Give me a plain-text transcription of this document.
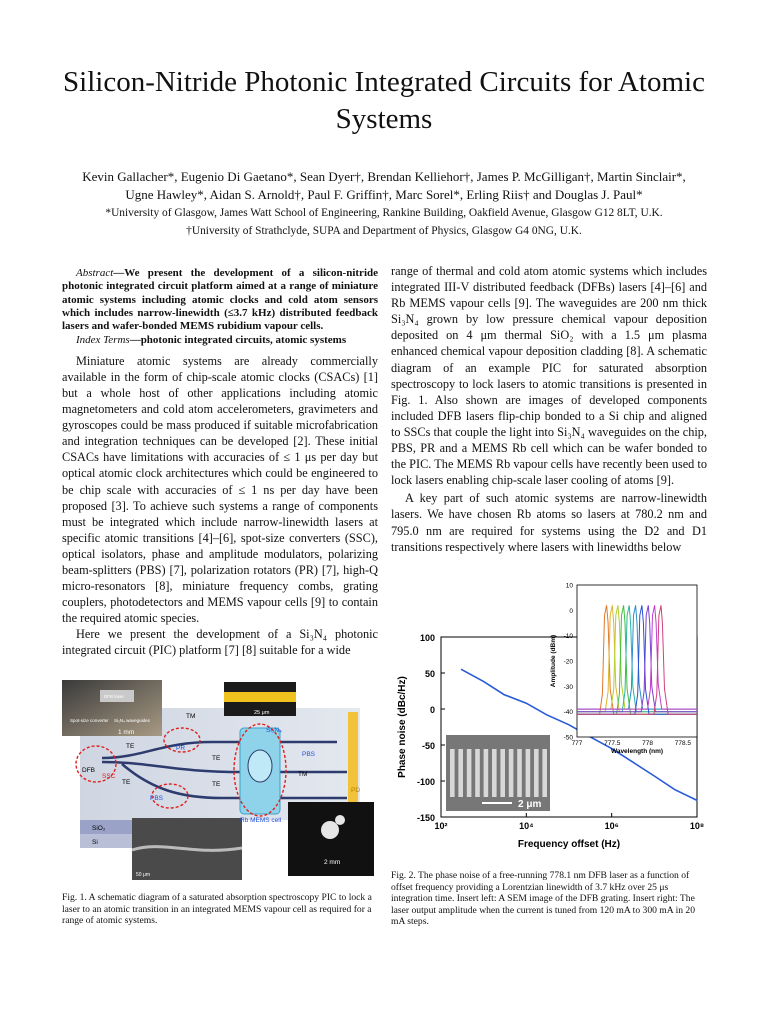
Silicon-Nitride Photonic Integrated Circuits for Atomic Systems
Kevin Gallacher*, Eugenio Di Gaetano*, Sean Dyer†, Brendan Kelliehor†, James P. McGilligan†, Martin Sinclair*,
Ugne Hawley*, Aidan S. Arnold†, Paul F. Griffin†, Marc Sorel*, Erling Riis† and Douglas J. Paul*
*University of Glasgow, James Watt School of Engineering, Rankine Building, Oakfield Avenue, Glasgow G12 8LT, U.K.
†University of Strathclyde, SUPA and Department of Physics, Glasgow G4 0NG, U.K.
Abstract—We present the development of a silicon-nitride photonic integrated circuit platform aimed at a range of miniature atomic systems including atomic clocks and cold atom sensors which includes narrow-linewidth (≤3.7 kHz) distributed feedback lasers and wafer-bonded MEMS rubidium vapour cells.
Index Terms—photonic integrated circuits, atomic systems

Miniature atomic systems are already commercially available in the form of chip-scale atomic clocks (CSACs) [1] but a whole host of other applications including atomic magnetometers and cold atom accelerometers, gravimeters and gyroscopes could be mass produced if suitable microfabrication and integration techniques can be developed [2]. These initial CSACs have limitations with accuracies of ≤ 1 μs per day but optical atomic clock architectures which could be engineered to be chip scale with accuracies of ≤ 1 ns per day have been proposed [3]. To achieve such systems a range of components must be integrated which include narrow-linewidth lasers at specific atomic transitions [4]–[6], spot-size converters (SSC), optical isolators, phase and amplitude modulators, polarizing beam-splitters (PBS) [7], polarization rotators (PR) [7], high-Q micro-resonators [8], miniature frequency combs, grating couplers, photodetectors and MEMS vapour cells [9] to contain the required atomic species.

Here we present the development of a Si₃N₄ photonic integrated circuit (PIC) platform [7] [8] suitable for a wide

range of thermal and cold atom atomic systems which includes integrated III-V distributed feedback (DFBs) lasers [4]–[6] and Rb MEMS vapour cells [9]. The waveguides are 200 nm thick Si₃N₄ grown by low pressure chemical vapour deposition deposited on 4 μm thermal SiO₂ with a 1.5 μm plasma enhanced chemical vapour deposition cladding [8]. A schematic diagram of an example PIC for saturated absorption spectroscopy to lock lasers to atomic transitions is presented in Fig. 1. Also shown are images of developed components included DFB lasers flip-chip bonded to a Si chip and aligned to SSCs that couple the light into Si₃N₄ waveguides on the chip, PBS, PR and a MEMS Rb cell which can be wafer bonded to the PIC. The MEMS Rb vapour cells have recently been used to lock lasers enabling chip-scale laser cooling of atoms [9].

A key part of such atomic systems are narrow-linewidth lasers. We have chosen Rb atoms so lasers at 780.2 nm and 795.0 nm are required for systems using the D2 and D1 transitions respectively where lasers with linewidths below

TM
TM
TE
TE
TE	TE
PR
PBS
PBS
DFB
SSC
PD
Si₃N₄
Rb MEMS cell
SiO₂
Si
1 mm
25 μm
50 μm
2 mm
DFB laser
Spot-size converter Si₃N₄ waveguides
Fig. 1. A schematic diagram of a saturated absorption spectroscopy PIC to lock a laser to an atomic transition in an integrated MEMS vapour cell as required for a range of atomic systems.
100
50
0
-50
-100
-150
10²	10⁴	10⁶	10⁸
Frequency offset (Hz)
Phase noise (dBc/Hz)
2 μm
10
0
-10
-20
-30
-40
-50
777	777.5	778	778.5
Wavelength (nm)
Amplitude (dBm)
Fig. 2. The phase noise of a free-running 778.1 nm DFB laser as a function of offset frequency providing a Lorentzian linewidth of 3.7 kHz over 25 μs integration time. Insert left: A SEM image of the DFB grating. Insert right: The laser output amplitude when the current is tuned from 120 mA to 300 mA in 20 mA steps.
